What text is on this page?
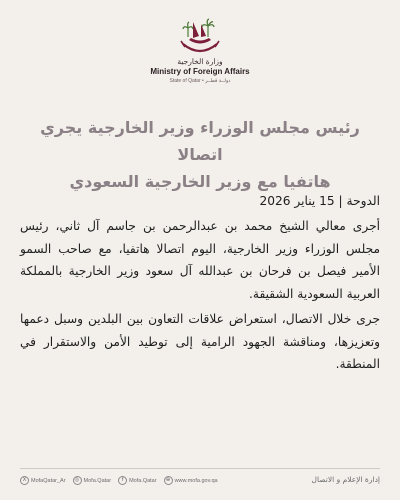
وزارة الخارجية
Ministry of Foreign Affairs
State of Qatar • دولــة قطــر
رئيس مجلس الوزراء وزير الخارجية يجري اتصالا
هاتفيا مع وزير الخارجية السعودي
الدوحة | 15 يناير 2026
أجرى معالي الشيخ محمد بن عبدالرحمن بن جاسم آل ثاني، رئيس مجلس الوزراء وزير الخارجية، اليوم اتصالا هاتفيا، مع صاحب السمو الأمير فيصل بن فرحان بن عبدالله آل سعود وزير الخارجية بالمملكة العربية السعودية الشقيقة.
جرى خلال الاتصال، استعراض علاقات التعاون بين البلدين وسبل دعمها وتعزيزها، ومناقشة الجهود الرامية إلى توطيد الأمن والاستقرار في المنطقة.
إدارة الإعلام و الاتصال
X MofaQatar_Ar	◎ Mofa.Qatar	f	Mofa.Qatar	⊕ www.mofa.gov.qa
